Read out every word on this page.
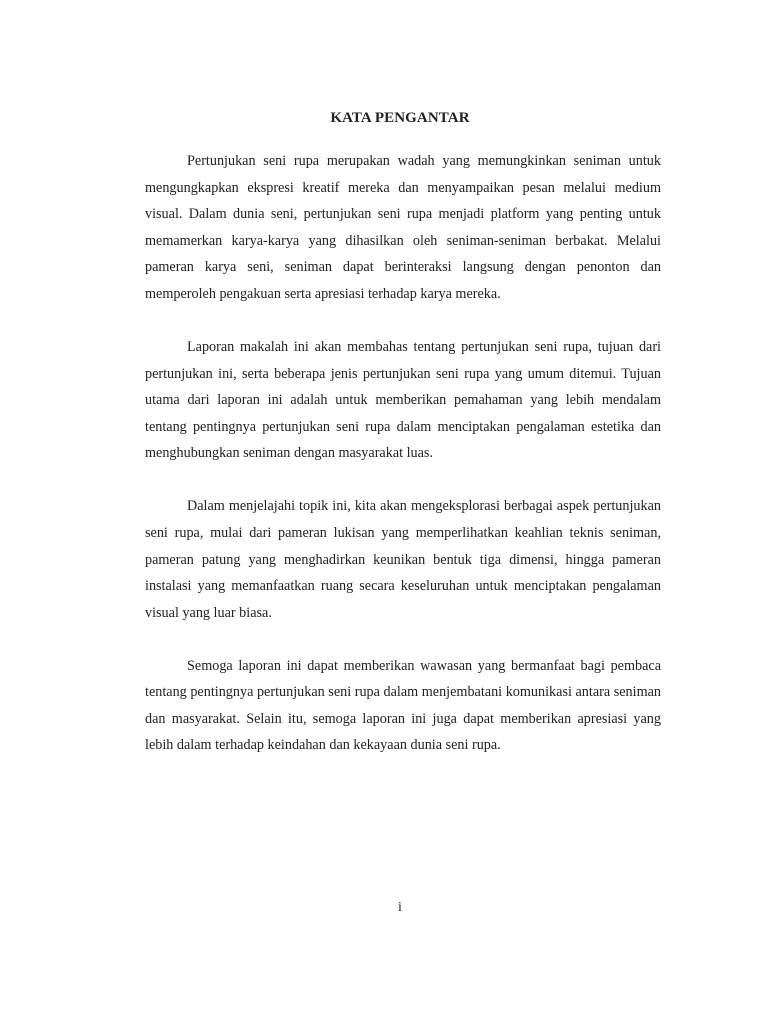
KATA PENGANTAR

Pertunjukan seni rupa merupakan wadah yang memungkinkan seniman untuk mengungkapkan ekspresi kreatif mereka dan menyampaikan pesan melalui medium visual. Dalam dunia seni, pertunjukan seni rupa menjadi platform yang penting untuk memamerkan karya-karya yang dihasilkan oleh seniman-seniman berbakat. Melalui pameran karya seni, seniman dapat berinteraksi langsung dengan penonton dan memperoleh pengakuan serta apresiasi terhadap karya mereka.

Laporan makalah ini akan membahas tentang pertunjukan seni rupa, tujuan dari pertunjukan ini, serta beberapa jenis pertunjukan seni rupa yang umum ditemui. Tujuan utama dari laporan ini adalah untuk memberikan pemahaman yang lebih mendalam tentang pentingnya pertunjukan seni rupa dalam menciptakan pengalaman estetika dan menghubungkan seniman dengan masyarakat luas.

Dalam menjelajahi topik ini, kita akan mengeksplorasi berbagai aspek pertunjukan seni rupa, mulai dari pameran lukisan yang memperlihatkan keahlian teknis seniman, pameran patung yang menghadirkan keunikan bentuk tiga dimensi, hingga pameran instalasi yang memanfaatkan ruang secara keseluruhan untuk menciptakan pengalaman visual yang luar biasa.

Semoga laporan ini dapat memberikan wawasan yang bermanfaat bagi pembaca tentang pentingnya pertunjukan seni rupa dalam menjembatani komunikasi antara seniman dan masyarakat. Selain itu, semoga laporan ini juga dapat memberikan apresiasi yang lebih dalam terhadap keindahan dan kekayaan dunia seni rupa.

i
